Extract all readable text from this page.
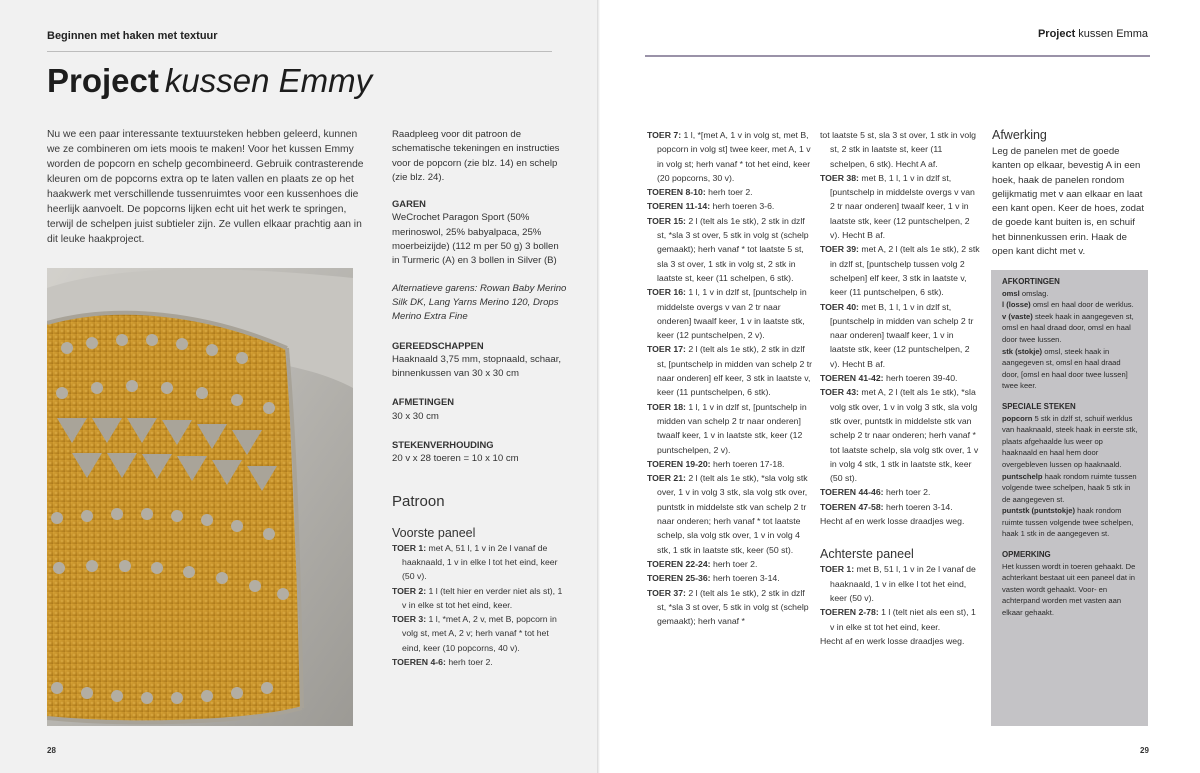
Beginnen met haken met textuur
Project kussen Emmy

Nu we een paar interessante textuursteken hebben geleerd, kunnen we ze combineren om iets moois te maken! Voor het kussen Emmy worden de popcorn en schelp gecombineerd. Gebruik contrasterende kleuren om de popcorns extra op te laten vallen en plaats ze op het haakwerk met verschillende tussenruimtes voor een kussenhoes die heerlijk aanvoelt. De popcorns lijken echt uit het werk te springen, terwijl de schelpen juist subtieler zijn. Ze vullen elkaar prachtig aan in dit leuke haakproject.

Raadpleeg voor dit patroon de schematische tekeningen en instructies voor de popcorn (zie blz. 14) en schelp (zie blz. 24).

GAREN

WeCrochet Paragon Sport (50% merinoswol, 25% babyalpaca, 25% moerbeizijde) (112 m per 50 g) 3 bollen in Turmeric (A) en 3 bollen in Silver (B)

Alternatieve garens: Rowan Baby Merino Silk DK, Lang Yarns Merino 120, Drops Merino Extra Fine

GEREEDSCHAPPEN

Haaknaald 3,75 mm, stopnaald, schaar, binnenkussen van 30 x 30 cm

AFMETINGEN

30 x 30 cm

STEKENVERHOUDING

20 v x 28 toeren = 10 x 10 cm

Patroon

Voorste paneel

TOER 1: met A, 51 l, 1 v in 2e l vanaf de haaknaald, 1 v in elke l tot het eind, keer (50 v).

TOER 2: 1 l (telt hier en verder niet als st), 1 v in elke st tot het eind, keer.

TOER 3: 1 l, *met A, 2 v, met B, popcorn in volg st, met A, 2 v; herh vanaf * tot het eind, keer (10 popcorns, 40 v).

TOEREN 4-6: herh toer 2.

28
Project kussen Emma

TOER 7: 1 l, *[met A, 1 v in volg st, met B, popcorn in volg st] twee keer, met A, 1 v in volg st; herh vanaf * tot het eind, keer (20 popcorns, 30 v).

TOEREN 8-10: herh toer 2.

TOEREN 11-14: herh toeren 3-6.

TOER 15: 2 l (telt als 1e stk), 2 stk in dzlf st, *sla 3 st over, 5 stk in volg st (schelp gemaakt); herh vanaf * tot laatste 5 st, sla 3 st over, 1 stk in volg st, 2 stk in laatste st, keer (11 schelpen, 6 stk).

TOER 16: 1 l, 1 v in dzlf st, [puntschelp in middelste overgs v van 2 tr naar onderen] twaalf keer, 1 v in laatste stk, keer (12 puntschelpen, 2 v).

TOER 17: 2 l (telt als 1e stk), 2 stk in dzlf st, [puntschelp in midden van schelp 2 tr naar onderen] elf keer, 3 stk in laatste v, keer (11 puntschelpen, 6 stk).

TOER 18: 1 l, 1 v in dzlf st, [puntschelp in midden van schelp 2 tr naar onderen] twaalf keer, 1 v in laatste stk, keer (12 puntschelpen, 2 v).

TOEREN 19-20: herh toeren 17-18.

TOER 21: 2 l (telt als 1e stk), *sla volg stk over, 1 v in volg 3 stk, sla volg stk over, puntstk in middelste stk van schelp 2 tr naar onderen; herh vanaf * tot laatste schelp, sla volg stk over, 1 v in volg 4 stk, 1 stk in laatste stk, keer (50 st).

TOEREN 22-24: herh toer 2.

TOEREN 25-36: herh toeren 3-14.

TOER 37: 2 l (telt als 1e stk), 2 stk in dzlf st, *sla 3 st over, 5 stk in volg st (schelp gemaakt); herh vanaf *

tot laatste 5 st, sla 3 st over, 1 stk in volg st, 2 stk in laatste st, keer (11 schelpen, 6 stk). Hecht A af.

TOER 38: met B, 1 l, 1 v in dzlf st, [puntschelp in middelste overgs v van 2 tr naar onderen] twaalf keer, 1 v in laatste stk, keer (12 puntschelpen, 2 v). Hecht B af.

TOER 39: met A, 2 l (telt als 1e stk), 2 stk in dzlf st, [puntschelp tussen volg 2 schelpen] elf keer, 3 stk in laatste v, keer (11 puntschelpen, 6 stk).

TOER 40: met B, 1 l, 1 v in dzlf st, [puntschelp in midden van schelp 2 tr naar onderen] twaalf keer, 1 v in laatste stk, keer (12 puntschelpen, 2 v). Hecht B af.

TOEREN 41-42: herh toeren 39-40.

TOER 43: met A, 2 l (telt als 1e stk), *sla volg stk over, 1 v in volg 3 stk, sla volg stk over, puntstk in middelste stk van schelp 2 tr naar onderen; herh vanaf * tot laatste schelp, sla volg stk over, 1 v in volg 4 stk, 1 stk in laatste stk, keer (50 st).

TOEREN 44-46: herh toer 2.

TOEREN 47-58: herh toeren 3-14.

Hecht af en werk losse draadjes weg.

Achterste paneel

TOER 1: met B, 51 l, 1 v in 2e l vanaf de haaknaald, 1 v in elke l tot het eind, keer (50 v).

TOEREN 2-78: 1 l (telt niet als een st), 1 v in elke st tot het eind, keer.

Hecht af en werk losse draadjes weg.

Afwerking

Leg de panelen met de goede kanten op elkaar, bevestig A in een hoek, haak de panelen rondom gelijkmatig met v aan elkaar en laat een kant open. Keer de hoes, zodat de goede kant buiten is, en schuif het binnenkussen erin. Haak de open kant dicht met v.

AFKORTINGEN

omsl omslag.

l (losse) omsl en haal door de werklus.

v (vaste) steek haak in aangegeven st, omsl en haal draad door, omsl en haal door twee lussen.

stk (stokje) omsl, steek haak in aangegeven st, omsl en haal draad door, [omsl en haal door twee lussen] twee keer.

SPECIALE STEKEN

popcorn 5 stk in dzlf st, schuif werklus van haaknaald, steek haak in eerste stk, plaats afgehaalde lus weer op haaknaald en haal hem door overgebleven lussen op haaknaald.

puntschelp haak rondom ruimte tussen volgende twee schelpen, haak 5 stk in de aangegeven st.

puntstk (puntstokje) haak rondom ruimte tussen volgende twee schelpen, haak 1 stk in de aangegeven st.

OPMERKING

Het kussen wordt in toeren gehaakt. De achterkant bestaat uit een paneel dat in vasten wordt gehaakt. Voor- en achterpand worden met vasten aan elkaar gehaakt.

29
